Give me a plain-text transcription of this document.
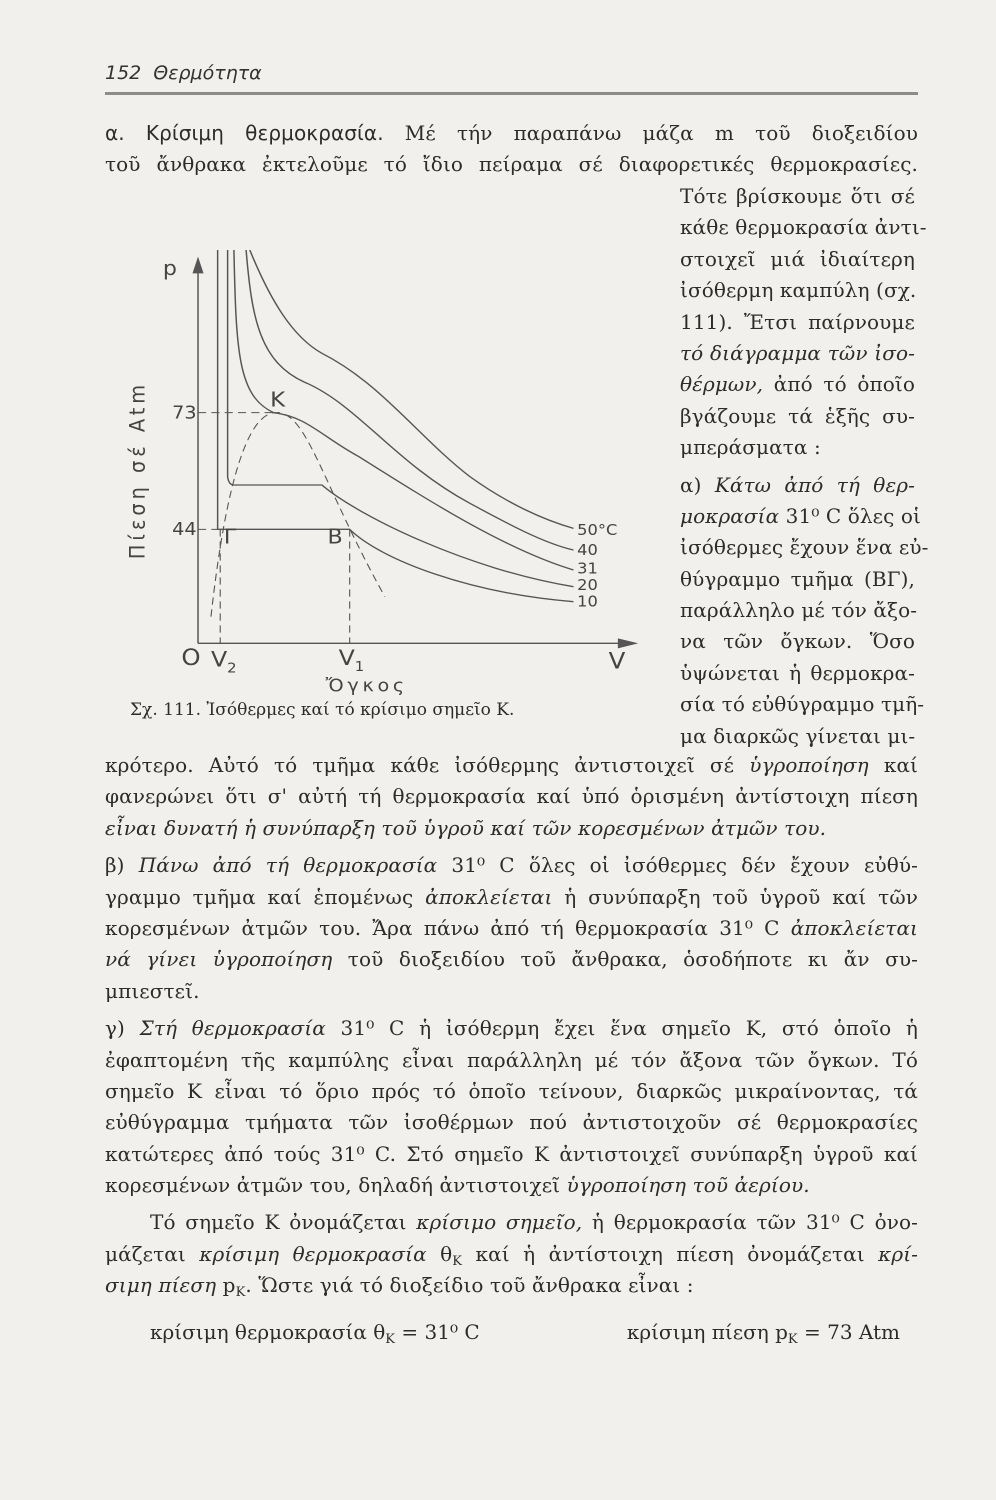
152 Θερμότητα
α. Κρίσιμη θερμοκρασία. Μέ τήν παραπάνω μάζα m τοῦ διοξειδίου
τοῦ ἄνθρακα ἐκτελοῦμε τό ἴδιο πείραμα σέ διαφορετικές θερμοκρασίες.
Τότε βρίσκουμε ὅτι σέ
κάθε θερμοκρασία ἀντι-
στοιχεῖ μιά ἰδιαίτερη
ἰσόθερμη καμπύλη (σχ.
111). Ἔτσι παίρνουμε
τό διάγραμμα τῶν ἰσο-
θέρμων, ἀπό τό ὁποῖο
βγάζουμε τά ἑξῆς συ-
μπεράσματα :
α) Κάτω ἀπό τή θερ-
μοκρασία 31⁰ C ὅλες οἱ
ἰσόθερμες ἔχουν ἕνα εὐ-
θύγραμμο τμῆμα (ΒΓ),
παράλληλο μέ τόν ἄξο-
να τῶν ὄγκων. Ὅσο
ὑψώνεται ἡ θερμοκρα-
σία τό εὐθύγραμμο τμῆ-
μα διαρκῶς γίνεται μι-
κρότερο. Αὐτό τό τμῆμα κάθε ἰσόθερμης ἀντιστοιχεῖ σέ ὑγροποίηση καί
φανερώνει ὅτι σ' αὐτή τή θερμοκρασία καί ὑπό ὁρισμένη ἀντίστοιχη πίεση
εἶναι δυνατή ἡ συνύπαρξη τοῦ ὑγροῦ καί τῶν κορεσμένων ἀτμῶν του.
β) Πάνω ἀπό τή θερμοκρασία 31⁰ C ὅλες οἱ ἰσόθερμες δέν ἔχουν εὐθύ-
γραμμο τμῆμα καί ἑπομένως ἀποκλείεται ἡ συνύπαρξη τοῦ ὑγροῦ καί τῶν
κορεσμένων ἀτμῶν του. Ἄρα πάνω ἀπό τή θερμοκρασία 31⁰ C ἀποκλείεται
νά γίνει ὑγροποίηση τοῦ διοξειδίου τοῦ ἄνθρακα, ὁσοδήποτε κι ἄν συ-
μπιεστεῖ.
γ) Στή θερμοκρασία 31⁰ C ἡ ἰσόθερμη ἔχει ἕνα σημεῖο Κ, στό ὁποῖο ἡ
ἐφαπτομένη τῆς καμπύλης εἶναι παράλληλη μέ τόν ἄξονα τῶν ὄγκων. Τό
σημεῖο Κ εἶναι τό ὅριο πρός τό ὁποῖο τείνουν, διαρκῶς μικραίνοντας, τά
εὐθύγραμμα τμήματα τῶν ἰσοθέρμων πού ἀντιστοιχοῦν σέ θερμοκρασίες
κατώτερες ἀπό τούς 31⁰ C. Στό σημεῖο Κ ἀντιστοιχεῖ συνύπαρξη ὑγροῦ καί
κορεσμένων ἀτμῶν του, δηλαδή ἀντιστοιχεῖ ὑγροποίηση τοῦ ἀερίου.
Τό σημεῖο Κ ὀνομάζεται κρίσιμο σημεῖο, ἡ θερμοκρασία τῶν 31⁰ C ὀνο-
μάζεται κρίσιμη θερμοκρασία $\theta_K$ καί ἡ ἀντίστοιχη πίεση ὀνομάζεται κρί-
σιμη πίεση $p_K$. Ὥστε γιά τό διοξείδιο τοῦ ἄνθρακα εἶναι :
p
73
44
K
Γ B
O $V_2$ $V_1$	V
Ὄγκος
Πίεση σέ Atm	50°C
40
31
20
10
Σχ. 111. Ἰσόθερμες καί τό κρίσιμο σημεῖο Κ.
κρίσιμη θερμοκρασία $\theta_K = 31^0$ C	κρίσιμη πίεση $p_K = 73$ Atm
